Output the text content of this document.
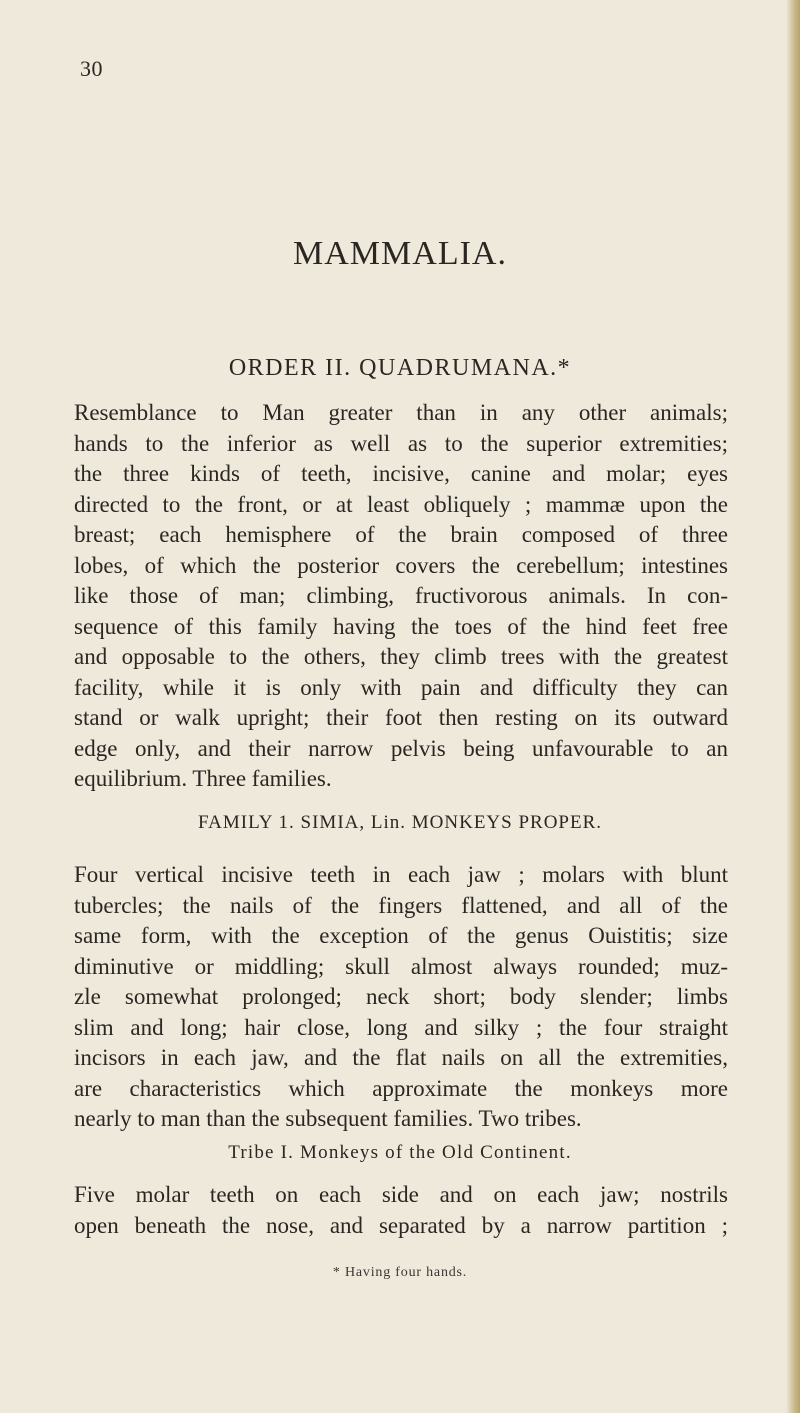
30
MAMMALIA.
ORDER II. QUADRUMANA.*
Resemblance to Man greater than in any other animals;
hands to the inferior as well as to the superior extremities;
the three kinds of teeth, incisive, canine and molar; eyes
directed to the front, or at least obliquely ; mammæ upon the
breast; each hemisphere of the brain composed of three
lobes, of which the posterior covers the cerebellum; intestines
like those of man; climbing, fructivorous animals. In con-
sequence of this family having the toes of the hind feet free
and opposable to the others, they climb trees with the greatest
facility, while it is only with pain and difficulty they can
stand or walk upright; their foot then resting on its outward
edge only, and their narrow pelvis being unfavourable to an
equilibrium. Three families.
FAMILY 1. SIMIA, Lin. MONKEYS PROPER.
Four vertical incisive teeth in each jaw ; molars with blunt
tubercles; the nails of the fingers flattened, and all of the
same form, with the exception of the genus Ouistitis; size
diminutive or middling; skull almost always rounded; muz-
zle somewhat prolonged; neck short; body slender; limbs
slim and long; hair close, long and silky ; the four straight
incisors in each jaw, and the flat nails on all the extremities,
are characteristics which approximate the monkeys more
nearly to man than the subsequent families. Two tribes.
Tribe I. Monkeys of the Old Continent.
Five molar teeth on each side and on each jaw; nostrils
open beneath the nose, and separated by a narrow partition ;
* Having four hands.
